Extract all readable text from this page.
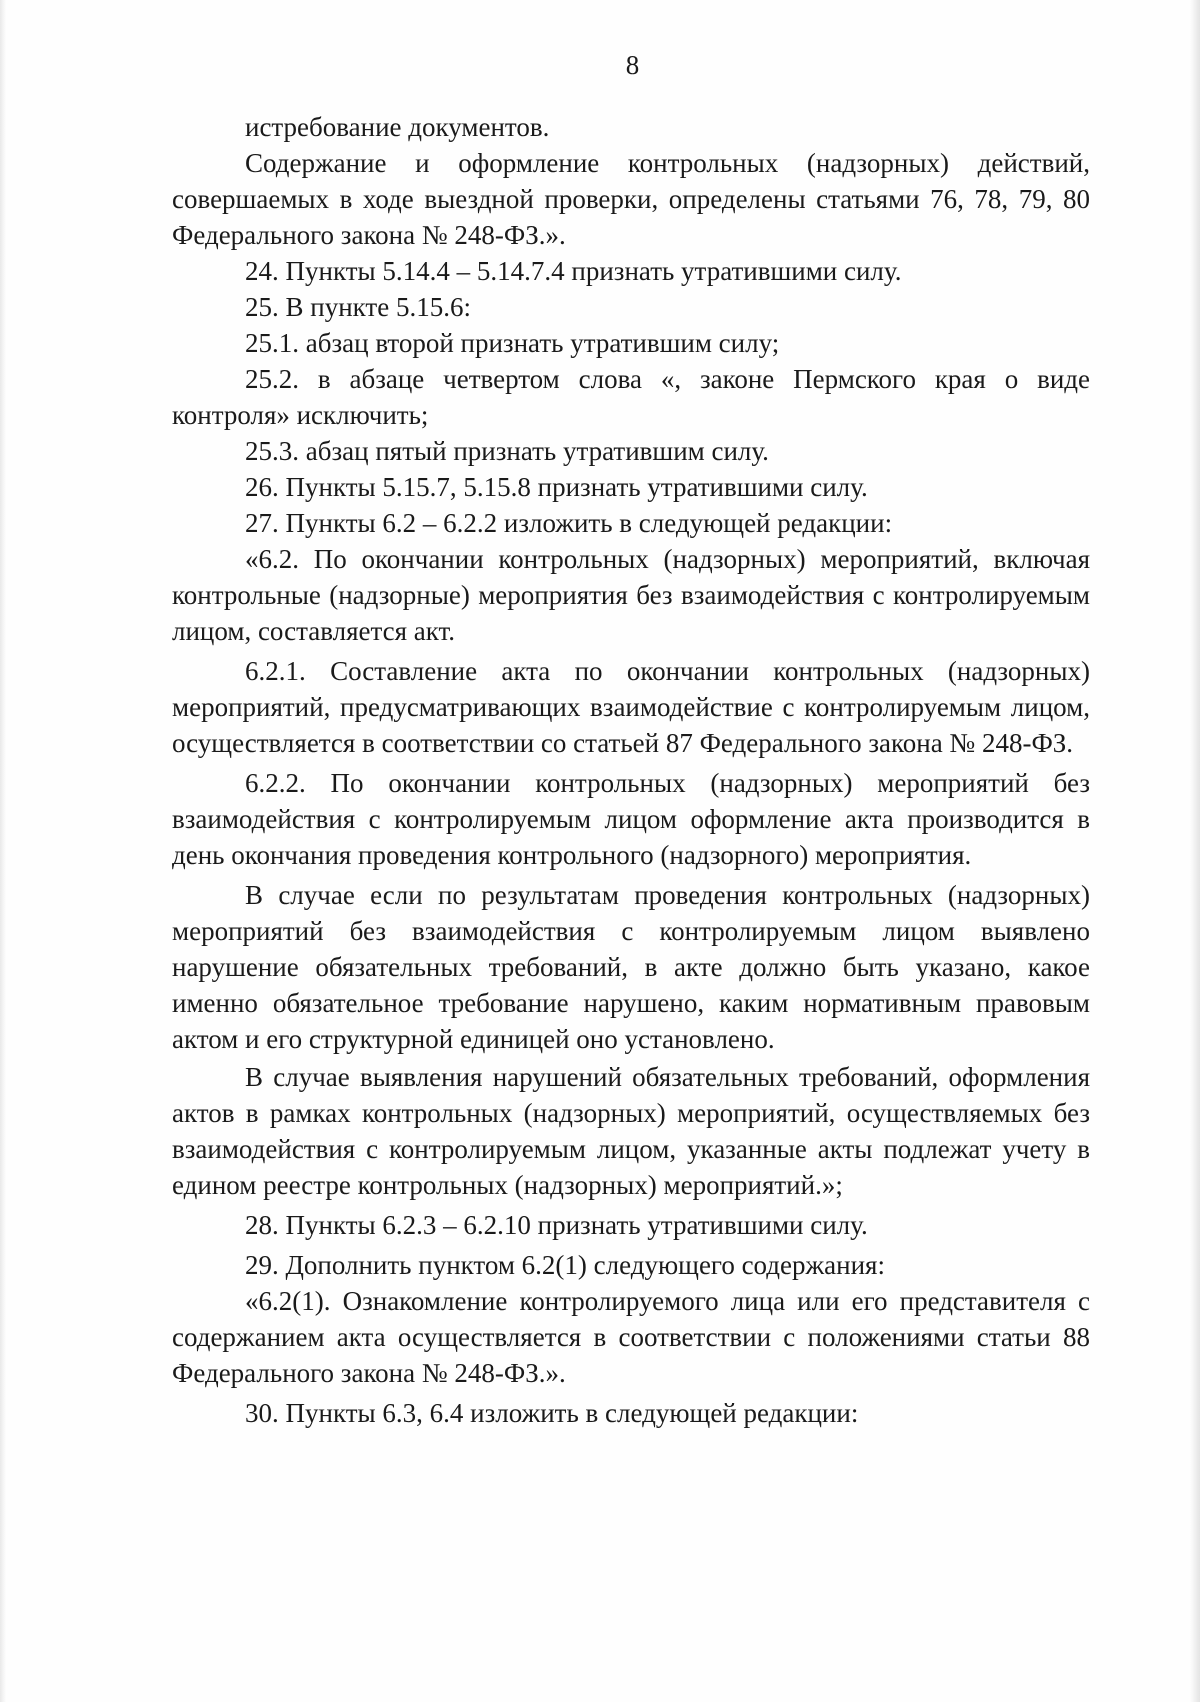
8

истребование документов.

Содержание и оформление контрольных (надзорных) действий, совершаемых в ходе выездной проверки, определены статьями 76, 78, 79, 80 Федерального закона № 248-ФЗ.».

24. Пункты 5.14.4 – 5.14.7.4 признать утратившими силу.

25. В пункте 5.15.6:

25.1. абзац второй признать утратившим силу;

25.2. в абзаце четвертом слова «, законе Пермского края о виде контроля» исключить;

25.3. абзац пятый признать утратившим силу.

26. Пункты 5.15.7, 5.15.8 признать утратившими силу.

27. Пункты 6.2 – 6.2.2 изложить в следующей редакции:

«6.2. По окончании контрольных (надзорных) мероприятий, включая контрольные (надзорные) мероприятия без взаимодействия с контролируемым лицом, составляется акт.

6.2.1. Составление акта по окончании контрольных (надзорных) мероприятий, предусматривающих взаимодействие с контролируемым лицом, осуществляется в соответствии со статьей 87 Федерального закона № 248-ФЗ.

6.2.2. По окончании контрольных (надзорных) мероприятий без взаимодействия с контролируемым лицом оформление акта производится в день окончания проведения контрольного (надзорного) мероприятия.

В случае если по результатам проведения контрольных (надзорных) мероприятий без взаимодействия с контролируемым лицом выявлено нарушение обязательных требований, в акте должно быть указано, какое именно обязательное требование нарушено, каким нормативным правовым актом и его структурной единицей оно установлено.

В случае выявления нарушений обязательных требований, оформления актов в рамках контрольных (надзорных) мероприятий, осуществляемых без взаимодействия с контролируемым лицом, указанные акты подлежат учету в едином реестре контрольных (надзорных) мероприятий.»;

28. Пункты 6.2.3 – 6.2.10 признать утратившими силу.

29. Дополнить пунктом 6.2(1) следующего содержания:

«6.2(1). Ознакомление контролируемого лица или его представителя с содержанием акта осуществляется в соответствии с положениями статьи 88 Федерального закона № 248-ФЗ.».

30. Пункты 6.3, 6.4 изложить в следующей редакции:
